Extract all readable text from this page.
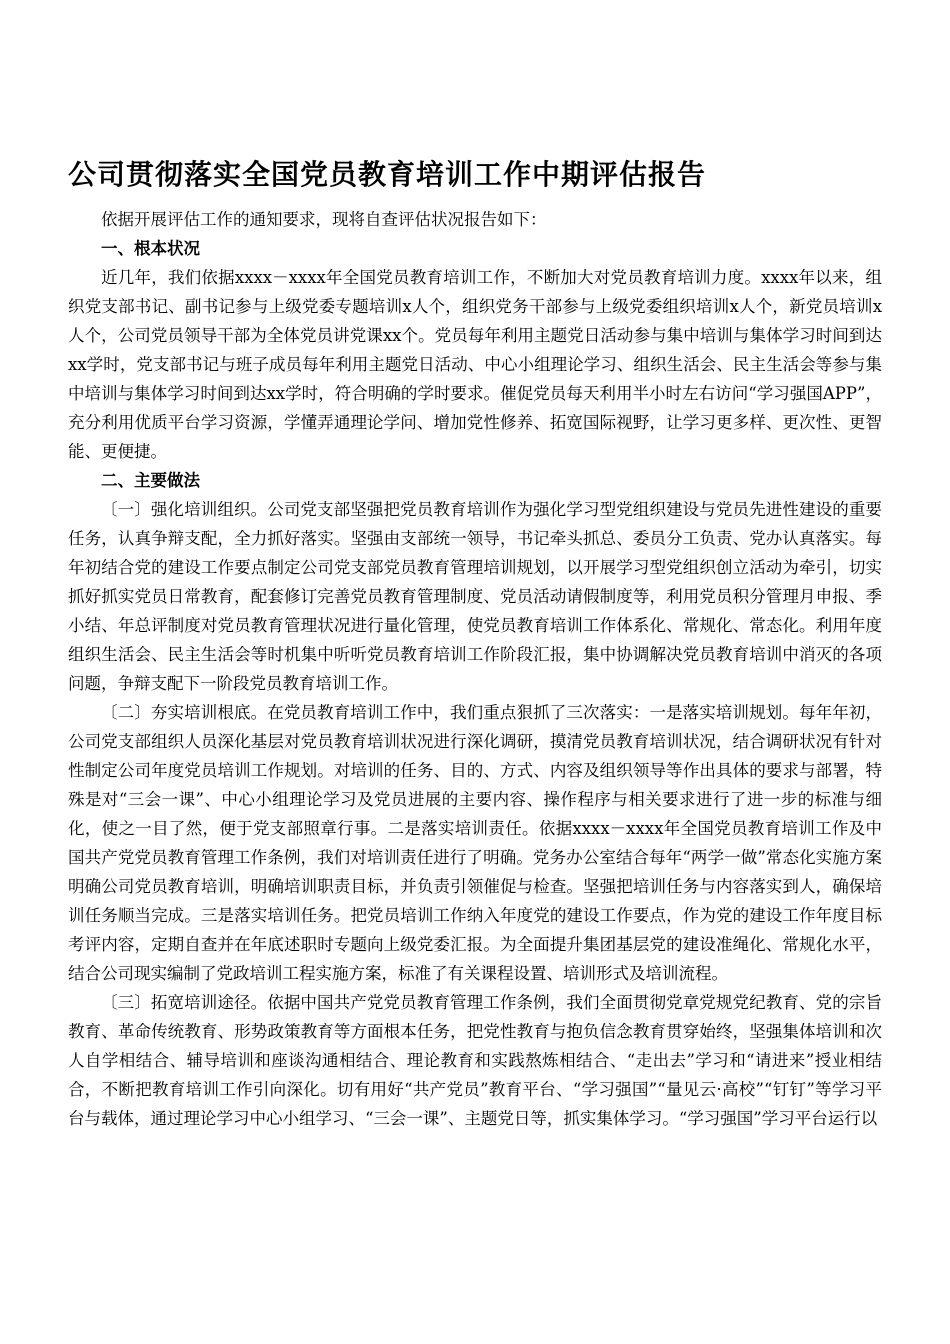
公司贯彻落实全国党员教育培训工作中期评估报告

依据开展评估工作的通知要求，现将自查评估状况报告如下：

一、根本状况

近几年，我们依据xxxx－xxxx年全国党员教育培训工作，不断加大对党员教育培训力度。xxxx年以来，组织党支部书记、副书记参与上级党委专题培训x人个，组织党务干部参与上级党委组织培训x人个，新党员培训x人个，公司党员领导干部为全体党员讲党课xx个。党员每年利用主题党日活动参与集中培训与集体学习时间到达xx学时，党支部书记与班子成员每年利用主题党日活动、中心小组理论学习、组织生活会、民主生活会等参与集中培训与集体学习时间到达xx学时，符合明确的学时要求。催促党员每天利用半小时左右访问“学习强国APP”，充分利用优质平台学习资源，学懂弄通理论学问、增加党性修养、拓宽国际视野，让学习更多样、更次性、更智能、更便捷。

二、主要做法

〔一〕强化培训组织。公司党支部坚强把党员教育培训作为强化学习型党组织建设与党员先进性建设的重要任务，认真争辩支配，全力抓好落实。坚强由支部统一领导，书记牵头抓总、委员分工负责、党办认真落实。每年初结合党的建设工作要点制定公司党支部党员教育管理培训规划，以开展学习型党组织创立活动为牵引，切实抓好抓实党员日常教育，配套修订完善党员教育管理制度、党员活动请假制度等，利用党员积分管理月申报、季小结、年总评制度对党员教育管理状况进行量化管理，使党员教育培训工作体系化、常规化、常态化。利用年度组织生活会、民主生活会等时机集中听听党员教育培训工作阶段汇报，集中协调解决党员教育培训中消灭的各项问题，争辩支配下一阶段党员教育培训工作。

〔二〕夯实培训根底。在党员教育培训工作中，我们重点狠抓了三次落实：一是落实培训规划。每年年初，公司党支部组织人员深化基层对党员教育培训状况进行深化调研，摸清党员教育培训状况，结合调研状况有针对性制定公司年度党员培训工作规划。对培训的任务、目的、方式、内容及组织领导等作出具体的要求与部署，特殊是对“三会一课”、中心小组理论学习及党员进展的主要内容、操作程序与相关要求进行了进一步的标准与细化，使之一目了然，便于党支部照章行事。二是落实培训责任。依据xxxx－xxxx年全国党员教育培训工作及中国共产党党员教育管理工作条例，我们对培训责任进行了明确。党务办公室结合每年“两学一做”常态化实施方案明确公司党员教育培训，明确培训职责目标，并负责引领催促与检查。坚强把培训任务与内容落实到人，确保培训任务顺当完成。三是落实培训任务。把党员培训工作纳入年度党的建设工作要点，作为党的建设工作年度目标考评内容，定期自查并在年底述职时专题向上级党委汇报。为全面提升集团基层党的建设准绳化、常规化水平，结合公司现实编制了党政培训工程实施方案，标准了有关课程设置、培训形式及培训流程。

〔三〕拓宽培训途径。依据中国共产党党员教育管理工作条例，我们全面贯彻党章党规党纪教育、党的宗旨教育、革命传统教育、形势政策教育等方面根本任务，把党性教育与抱负信念教育贯穿始终，坚强集体培训和次人自学相结合、辅导培训和座谈沟通相结合、理论教育和实践熬炼相结合、“走出去”学习和“请进来”授业相结合，不断把教育培训工作引向深化。切有用好“共产党员”教育平台、“学习强国”“量见云·高校”“钉钉”等学习平台与载体，通过理论学习中心小组学习、“三会一课”、主题党日等，抓实集体学习。“学习强国”学习平台运行以
